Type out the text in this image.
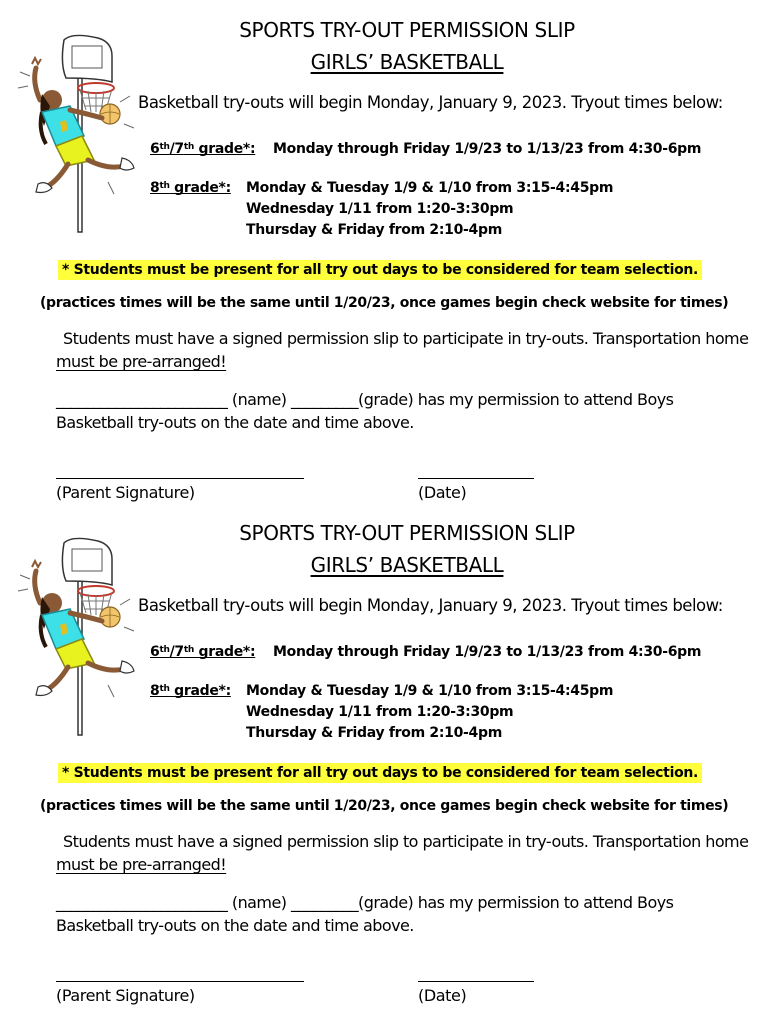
SPORTS TRY-OUT PERMISSION SLIP
GIRLS’ BASKETBALL
Basketball try-outs will begin Monday, January 9, 2023. Tryout times below:
6th/7th grade*: Monday through Friday 1/9/23 to 1/13/23 from 4:30-6pm
8th grade*: Monday & Tuesday 1/9 & 1/10 from 3:15-4:45pm
Wednesday 1/11 from 1:20-3:30pm
Thursday & Friday from 2:10-4pm
* Students must be present for all try out days to be considered for team selection.
(practices times will be the same until 1/20/23, once games begin check website for times)
Students must have a signed permission slip to participate in try-outs. Transportation home
must be pre-arranged!
_______________________ (name) _________(grade) has my permission to attend Boys
Basketball try-outs on the date and time above.
(Parent Signature)	(Date)
SPORTS TRY-OUT PERMISSION SLIP
GIRLS’ BASKETBALL
Basketball try-outs will begin Monday, January 9, 2023. Tryout times below:
6th/7th grade*: Monday through Friday 1/9/23 to 1/13/23 from 4:30-6pm
8th grade*: Monday & Tuesday 1/9 & 1/10 from 3:15-4:45pm
Wednesday 1/11 from 1:20-3:30pm
Thursday & Friday from 2:10-4pm
* Students must be present for all try out days to be considered for team selection.
(practices times will be the same until 1/20/23, once games begin check website for times)
Students must have a signed permission slip to participate in try-outs. Transportation home
must be pre-arranged!
_______________________ (name) _________(grade) has my permission to attend Boys
Basketball try-outs on the date and time above.
(Parent Signature)	(Date)
